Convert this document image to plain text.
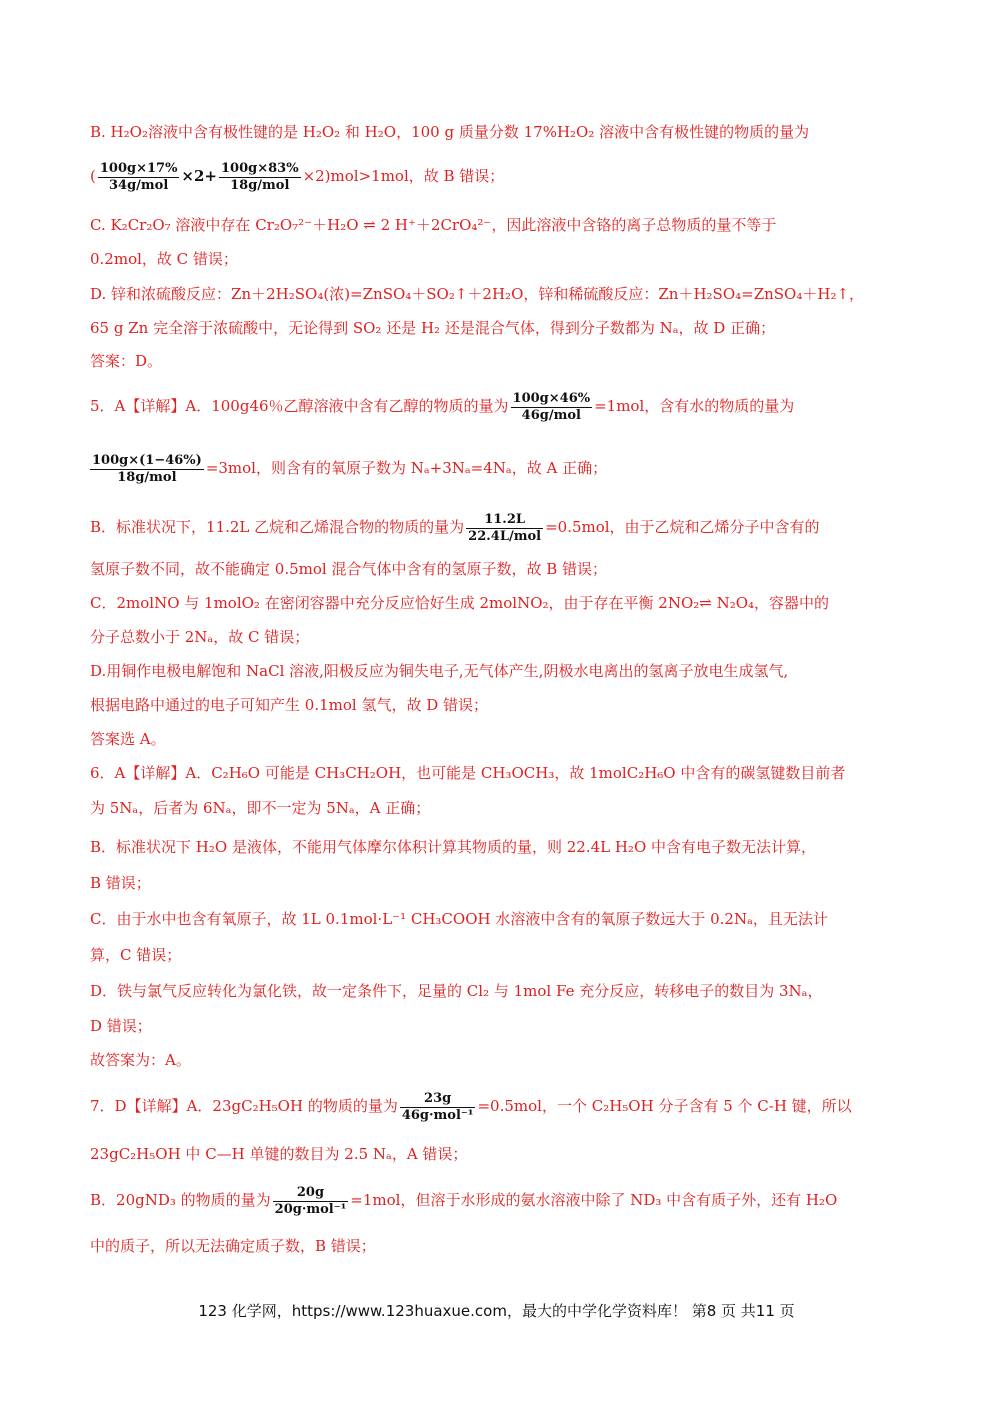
B. H₂O₂溶液中含有极性键的是 H₂O₂ 和 H₂O，100 g 质量分数 17%H₂O₂ 溶液中含有极性键的物质的量为
( $\frac{100g\times 17\%}{\text{34g/mol}} \times 2+ \frac{100g\times 83\%}{\text{18g/mol}} \times 2)mol>1mol$，故 B 错误；
C. K₂Cr₂O₇ 溶液中存在 Cr₂O₇²⁻＋H₂O ⇌ 2 H⁺＋2CrO₄²⁻，因此溶液中含铬的离子总物质的量不等于
0.2mol，故 C 错误；
D. 锌和浓硫酸反应：Zn＋2H₂SO₄(浓)=ZnSO₄＋SO₂↑＋2H₂O，锌和稀硫酸反应：Zn＋H₂SO₄=ZnSO₄＋H₂↑，
65 g Zn 完全溶于浓硫酸中，无论得到 SO₂ 还是 H₂ 还是混合气体，得到分子数都为 Nₐ，故 D 正确；
答案：D。
5．A【详解】A．100g46％乙醇溶液中含有乙醇的物质的量为 $\frac{100g\times 46\%}{\text{46g/mol}} =1mol$，含有水的物质的量为
$\frac{100g\times(1-46\%)}{\text{18g/mol}} =3mol$，则含有的氧原子数为 Nₐ+3Nₐ=4Nₐ，故 A 正确；
B．标准状况下，11.2L 乙烷和乙烯混合物的物质的量为 $\frac{11.2L}{\text{22.4L/mol}} =0.5mol$，由于乙烷和乙烯分子中含有的
氢原子数不同，故不能确定 0.5mol 混合气体中含有的氢原子数，故 B 错误；
C．2molNO 与 1molO₂ 在密闭容器中充分反应恰好生成 2molNO₂，由于存在平衡 2NO₂⇌ N₂O₄，容器中的
分子总数小于 2Nₐ，故 C 错误；
D.用铜作电极电解饱和 NaCl 溶液,阳极反应为铜失电子,无气体产生,阴极水电离出的氢离子放电生成氢气,
根据电路中通过的电子可知产生 0.1mol 氢气，故 D 错误；
答案选 A。
6．A【详解】A．C₂H₆O 可能是 CH₃CH₂OH，也可能是 CH₃OCH₃，故 1molC₂H₆O 中含有的碳氢键数目前者
为 5Nₐ，后者为 6Nₐ，即不一定为 5Nₐ，A 正确；
B．标准状况下 H₂O 是液体，不能用气体摩尔体积计算其物质的量，则 22.4L H₂O 中含有电子数无法计算，
B 错误；
C．由于水中也含有氧原子，故 1L 0.1mol·L⁻¹ CH₃COOH 水溶液中含有的氧原子数远大于 0.2Nₐ，且无法计
算，C 错误；
D．铁与氯气反应转化为氯化铁，故一定条件下，足量的 Cl₂ 与 1mol Fe 充分反应，转移电子的数目为 3Nₐ，
D 错误；
故答案为：A。
7．D【详解】A．23gC₂H₅OH 的物质的量为 $\frac{23g}{\text{46g·mol⁻¹}} =0.5mol$，一个 C₂H₅OH 分子含有 5 个 C-H 键，所以
23gC₂H₅OH 中 C—H 单键的数目为 2.5 Nₐ，A 错误；
B．20gND₃ 的物质的量为 $\frac{20g}{\text{20g·mol⁻¹}} =1mol$，但溶于水形成的氨水溶液中除了 ND₃ 中含有质子外，还有 H₂O
中的质子，所以无法确定质子数，B 错误；
123 化学网，https://www.123huaxue.com，最大的中学化学资料库！ 第8 页 共11 页
